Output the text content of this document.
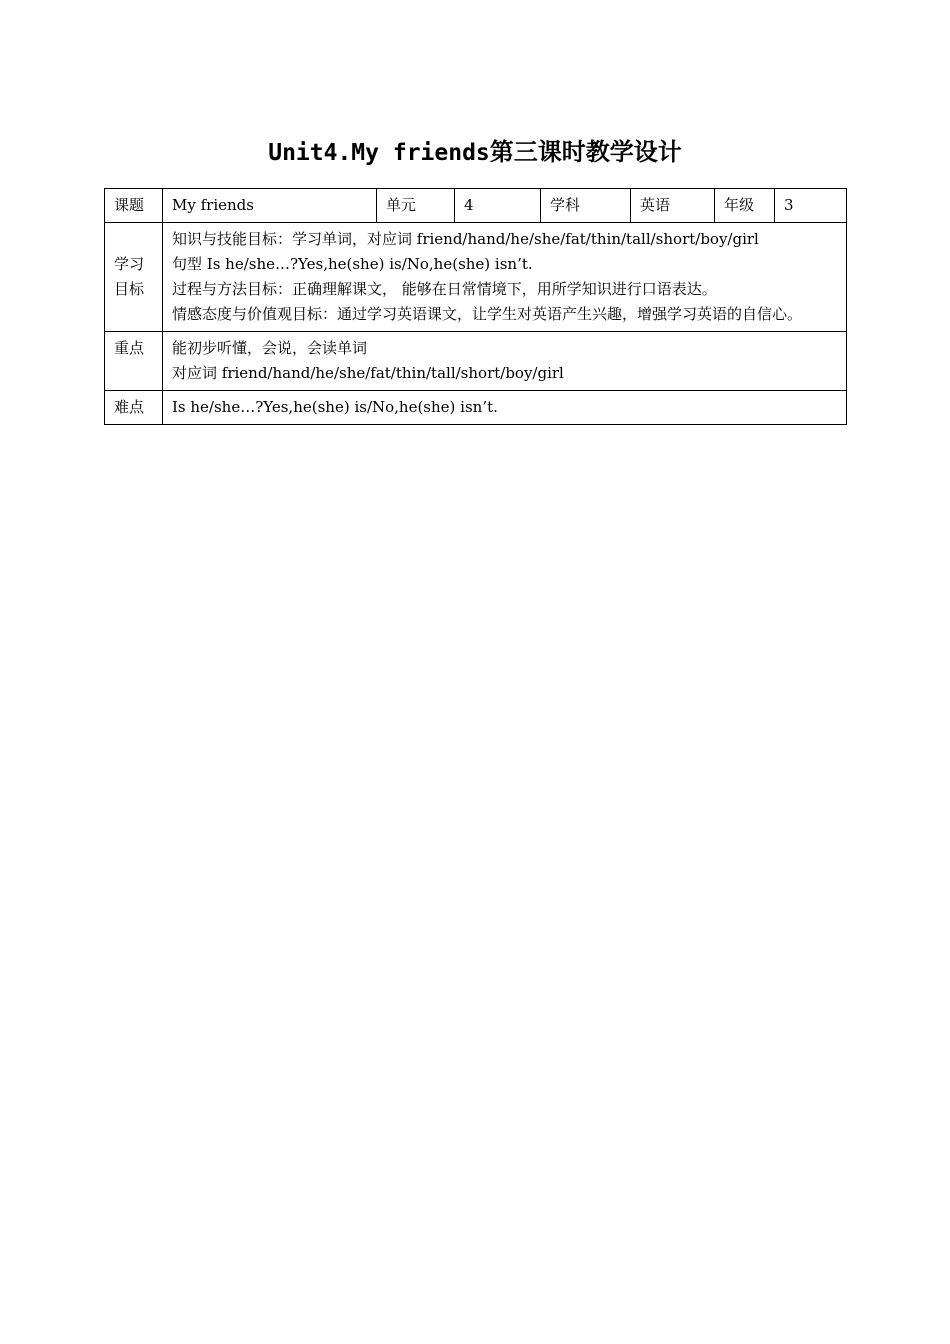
Unit4.My friends第三课时教学设计
课题	My friends	单元	4	学科	英语	年级	3

学习
目标	知识与技能目标：学习单词，对应词 friend/hand/he/she/fat/thin/tall/short/boy/girl
句型 Is he/she…?Yes,he(she) is/No,he(she) isn’t.
过程与方法目标：正确理解课文， 能够在日常情境下，用所学知识进行口语表达。
情感态度与价值观目标：通过学习英语课文，让学生对英语产生兴趣，增强学习英语的自信心。						

重点	能初步听懂，会说，会读单词
对应词 friend/hand/he/she/fat/thin/tall/short/boy/girl						

难点	Is he/she…?Yes,he(she) is/No,he(she) isn’t.						
